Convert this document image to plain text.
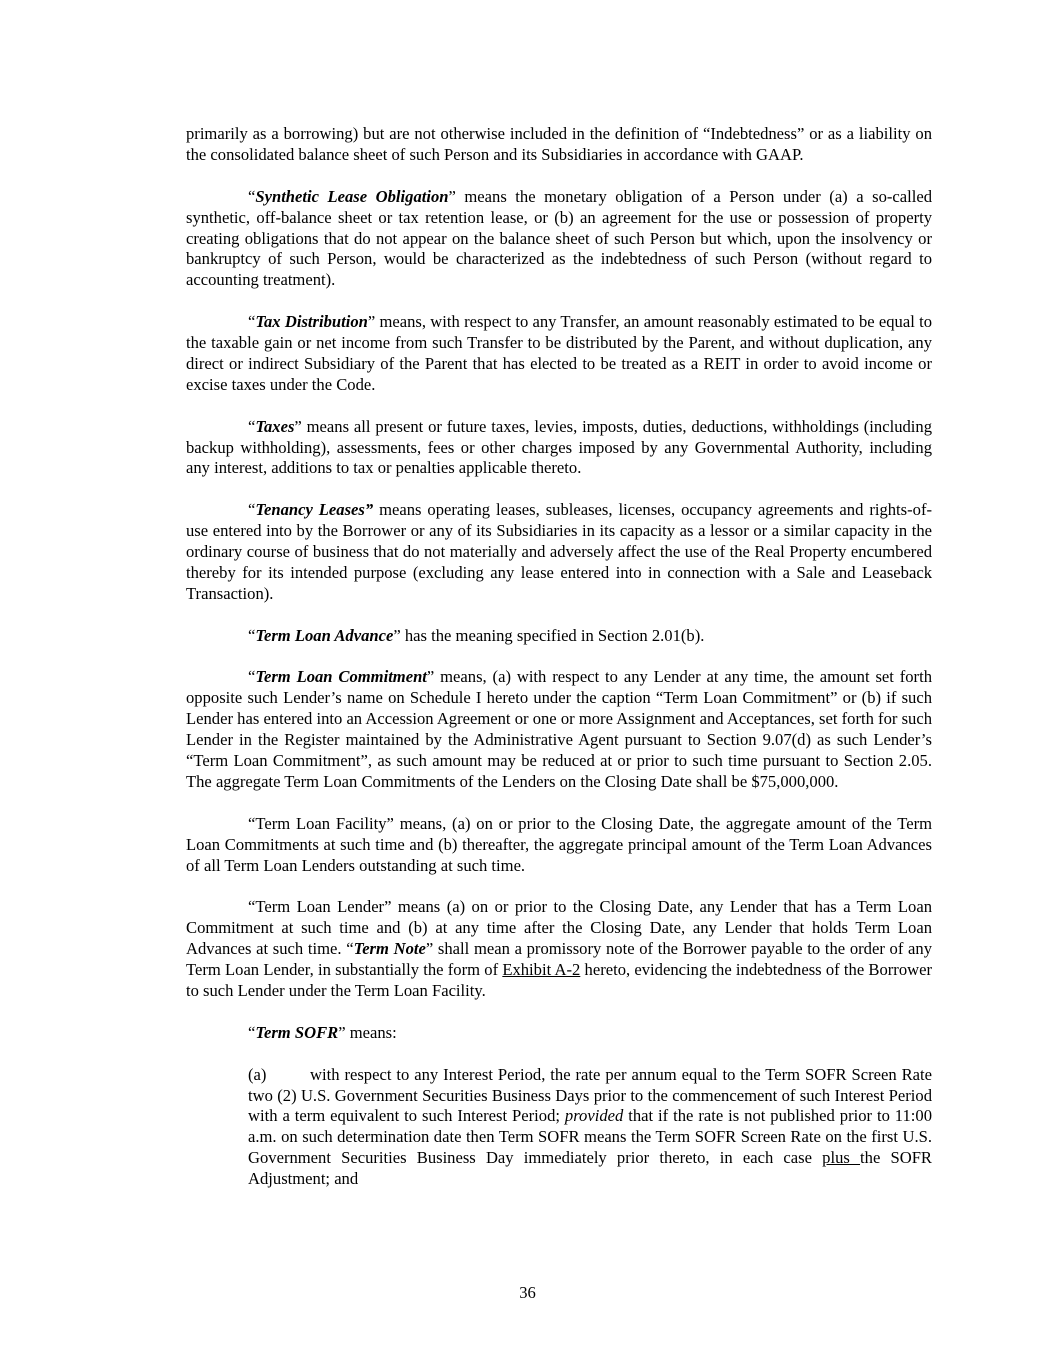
primarily as a borrowing) but are not otherwise included in the definition of “Indebtedness” or as a liability on the consolidated balance sheet of such Person and its Subsidiaries in accordance with GAAP.

“Synthetic Lease Obligation” means the monetary obligation of a Person under (a) a so-called synthetic, off-balance sheet or tax retention lease, or (b) an agreement for the use or possession of property creating obligations that do not appear on the balance sheet of such Person but which, upon the insolvency or bankruptcy of such Person, would be characterized as the indebtedness of such Person (without regard to accounting treatment).

“Tax Distribution” means, with respect to any Transfer, an amount reasonably estimated to be equal to the taxable gain or net income from such Transfer to be distributed by the Parent, and without duplication, any direct or indirect Subsidiary of the Parent that has elected to be treated as a REIT in order to avoid income or excise taxes under the Code.

“Taxes” means all present or future taxes, levies, imposts, duties, deductions, withholdings (including backup withholding), assessments, fees or other charges imposed by any Governmental Authority, including any interest, additions to tax or penalties applicable thereto.

“Tenancy Leases” means operating leases, subleases, licenses, occupancy agreements and rights-of-use entered into by the Borrower or any of its Subsidiaries in its capacity as a lessor or a similar capacity in the ordinary course of business that do not materially and adversely affect the use of the Real Property encumbered thereby for its intended purpose (excluding any lease entered into in connection with a Sale and Leaseback Transaction).

“Term Loan Advance” has the meaning specified in Section 2.01(b).

“Term Loan Commitment” means, (a) with respect to any Lender at any time, the amount set forth opposite such Lender’s name on Schedule I hereto under the caption “Term Loan Commitment” or (b) if such Lender has entered into an Accession Agreement or one or more Assignment and Acceptances, set forth for such Lender in the Register maintained by the Administrative Agent pursuant to Section 9.07(d) as such Lender’s “Term Loan Commitment”, as such amount may be reduced at or prior to such time pursuant to Section 2.05. The aggregate Term Loan Commitments of the Lenders on the Closing Date shall be $75,000,000.

“Term Loan Facility” means, (a) on or prior to the Closing Date, the aggregate amount of the Term Loan Commitments at such time and (b) thereafter, the aggregate principal amount of the Term Loan Advances of all Term Loan Lenders outstanding at such time.

“Term Loan Lender” means (a) on or prior to the Closing Date, any Lender that has a Term Loan Commitment at such time and (b) at any time after the Closing Date, any Lender that holds Term Loan Advances at such time. “Term Note” shall mean a promissory note of the Borrower payable to the order of any Term Loan Lender, in substantially the form of Exhibit A-2 hereto, evidencing the indebtedness of the Borrower to such Lender under the Term Loan Facility.

“Term SOFR” means:

(a)	with respect to any Interest Period, the rate per annum equal to the Term SOFR Screen Rate two (2) U.S. Government Securities Business Days prior to the commencement of such Interest Period with a term equivalent to such Interest Period; provided that if the rate is not published prior to 11:00 a.m. on such determination date then Term SOFR means the Term SOFR Screen Rate on the first U.S. Government Securities Business Day immediately prior thereto, in each case plus the SOFR Adjustment; and

36
